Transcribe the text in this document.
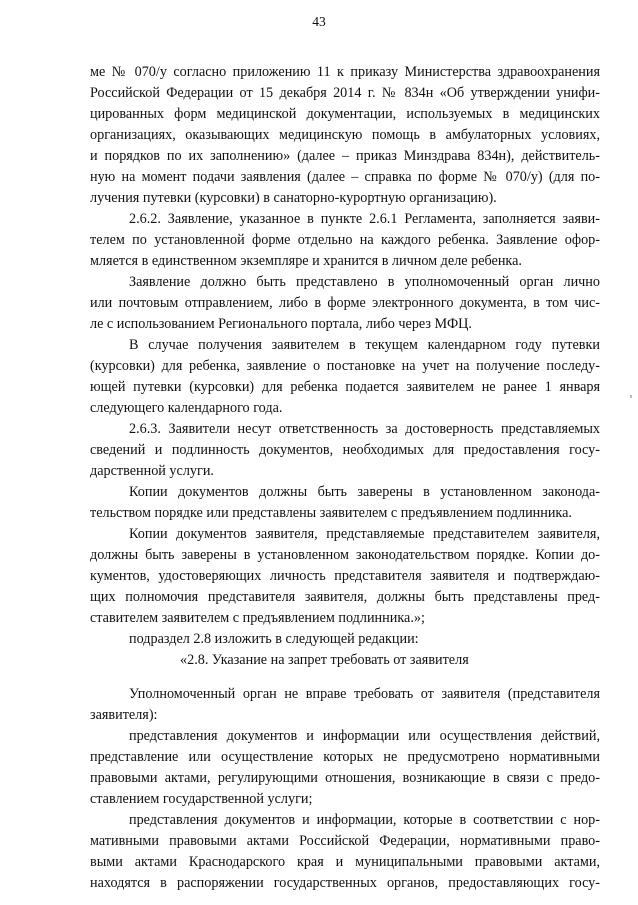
43
ме № 070/у согласно приложению 11 к приказу Министерства здравоохранения
Российской Федерации от 15 декабря 2014 г. № 834н «Об утверждении унифи-
цированных форм медицинской документации, используемых в медицинских
организациях, оказывающих медицинскую помощь в амбулаторных условиях,
и порядков по их заполнению» (далее – приказ Минздрава 834н), действитель-
ную на момент подачи заявления (далее – справка по форме № 070/у) (для по-
лучения путевки (курсовки) в санаторно-курортную организацию).
2.6.2. Заявление, указанное в пункте 2.6.1 Регламента, заполняется заяви-
телем по установленной форме отдельно на каждого ребенка. Заявление офор-
мляется в единственном экземпляре и хранится в личном деле ребенка.
Заявление должно быть представлено в уполномоченный орган лично
или почтовым отправлением, либо в форме электронного документа, в том чис-
ле с использованием Регионального портала, либо через МФЦ.
В случае получения заявителем в текущем календарном году путевки
(курсовки) для ребенка, заявление о постановке на учет на получение последу-
ющей путевки (курсовки) для ребенка подается заявителем не ранее 1 января
следующего календарного года.
2.6.3. Заявители несут ответственность за достоверность представляемых
сведений и подлинность документов, необходимых для предоставления госу-
дарственной услуги.
Копии документов должны быть заверены в установленном законода-
тельством порядке или представлены заявителем с предъявлением подлинника.
Копии документов заявителя, представляемые представителем заявителя,
должны быть заверены в установленном законодательством порядке. Копии до-
кументов, удостоверяющих личность представителя заявителя и подтверждаю-
щих полномочия представителя заявителя, должны быть представлены пред-
ставителем заявителем с предъявлением подлинника.»;
подраздел 2.8 изложить в следующей редакции:
«2.8. Указание на запрет требовать от заявителя
Уполномоченный орган не вправе требовать от заявителя (представителя
заявителя):
представления документов и информации или осуществления действий,
представление или осуществление которых не предусмотрено нормативными
правовыми актами, регулирующими отношения, возникающие в связи с предо-
ставлением государственной услуги;
представления документов и информации, которые в соответствии с нор-
мативными правовыми актами Российской Федерации, нормативными право-
выми актами Краснодарского края и муниципальными правовыми актами,
находятся в распоряжении государственных органов, предоставляющих госу-
